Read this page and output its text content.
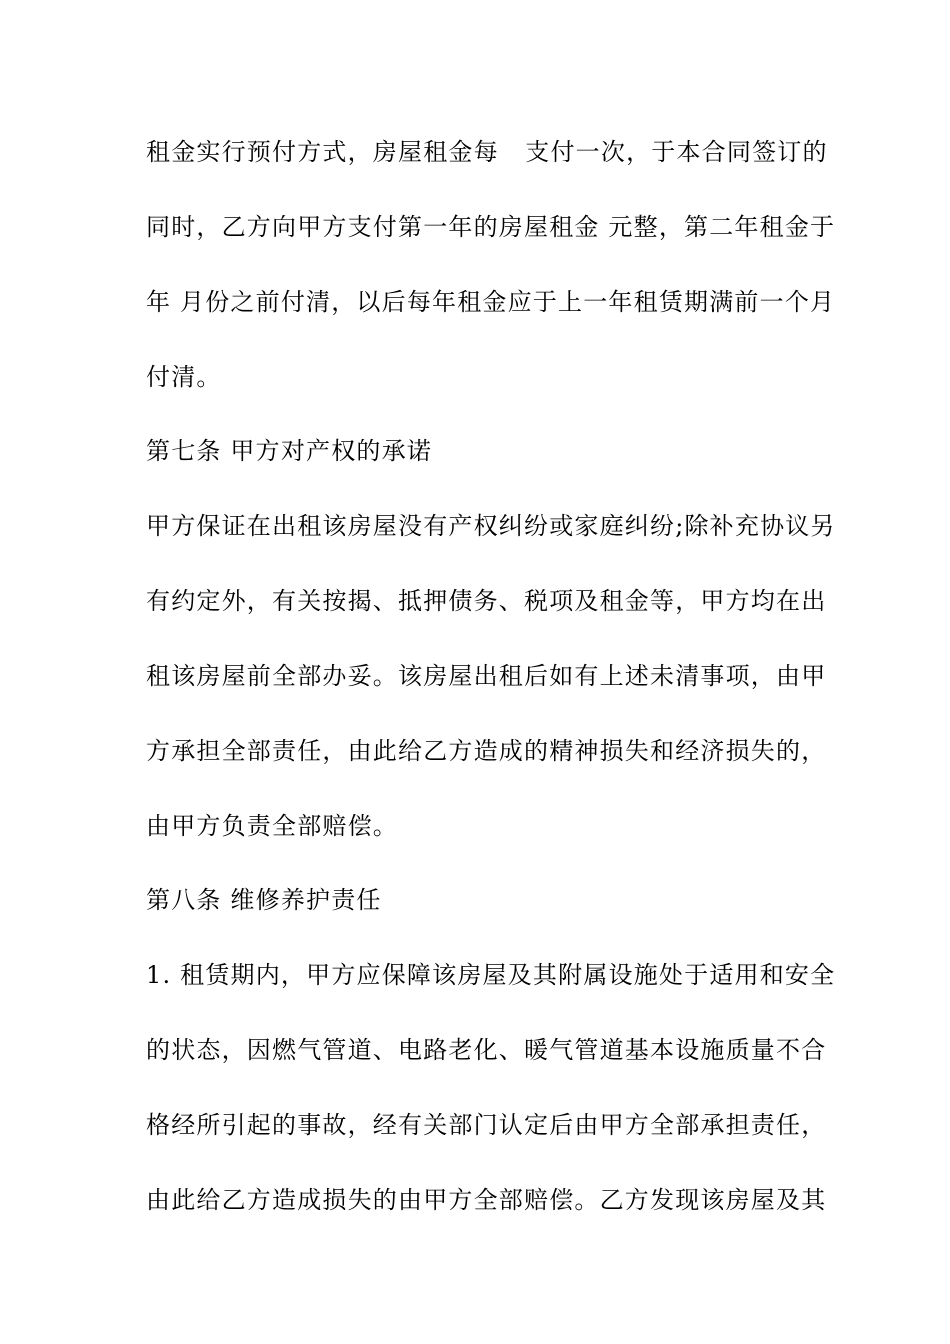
租金实行预付方式，房屋租金每   支付一次，于本合同签订的
同时，乙方向甲方支付第一年的房屋租金 元整，第二年租金于
年 月份之前付清，以后每年租金应于上一年租赁期满前一个月
付清。
第七条 甲方对产权的承诺
甲方保证在出租该房屋没有产权纠纷或家庭纠纷;除补充协议另
有约定外，有关按揭、抵押债务、税项及租金等，甲方均在出
租该房屋前全部办妥。该房屋出租后如有上述未清事项，由甲
方承担全部责任，由此给乙方造成的精神损失和经济损失的，
由甲方负责全部赔偿。
第八条 维修养护责任
1. 租赁期内，甲方应保障该房屋及其附属设施处于适用和安全
的状态，因燃气管道、电路老化、暖气管道基本设施质量不合
格经所引起的事故，经有关部门认定后由甲方全部承担责任，
由此给乙方造成损失的由甲方全部赔偿。乙方发现该房屋及其
